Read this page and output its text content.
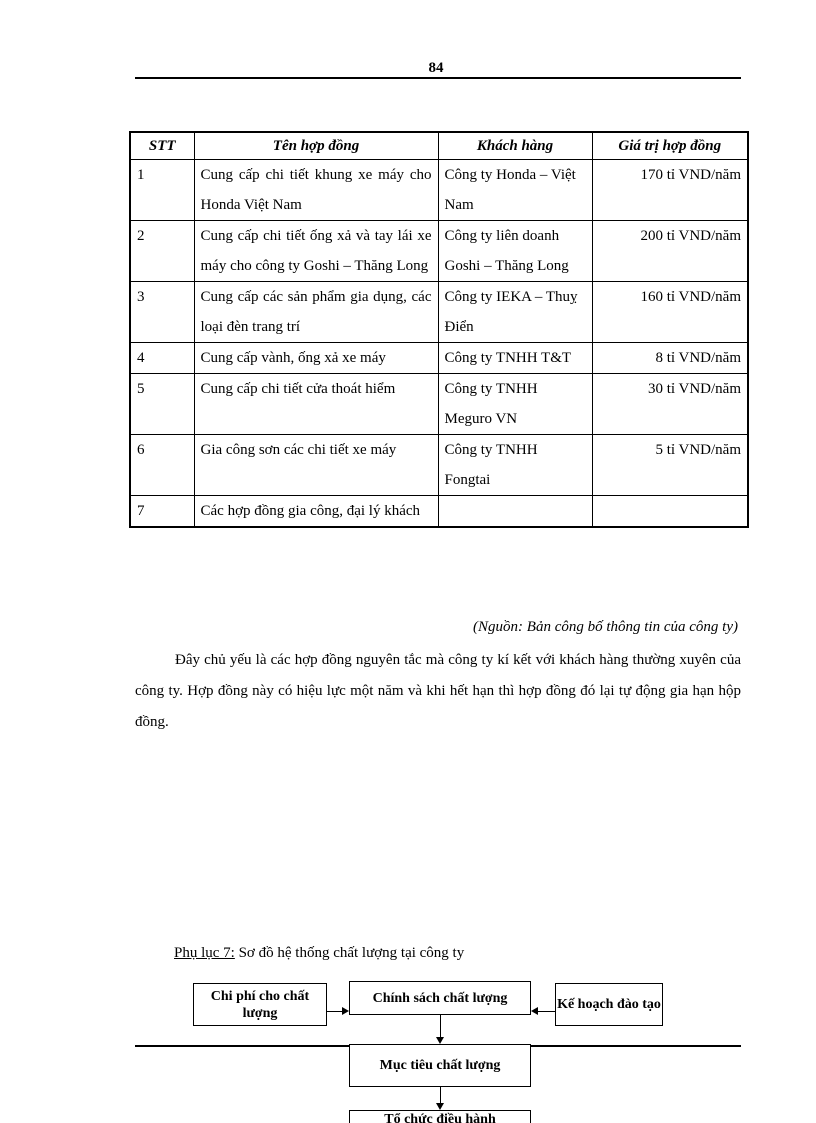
84
STT	Tên hợp đồng	Khách hàng	Giá trị hợp đồng
1	Cung cấp chi tiết khung xe máy cho Honda Việt Nam	Công ty Honda – Việt Nam	170 tỉ VND/năm
2	Cung cấp chi tiết ống xả và tay lái xe máy cho công ty Goshi – Thăng Long	Công ty liên doanh Goshi – Thăng Long	200 tỉ VND/năm
3	Cung cấp các sản phẩm gia dụng, các loại đèn trang trí	Công ty IEKA – Thuỵ Điển	160 tỉ VND/năm
4	Cung cấp vành, ống xả xe máy	Công ty TNHH T&T	8 tỉ VND/năm
5	Cung cấp chi tiết cửa thoát hiểm	Công ty TNHH Meguro VN	30 tỉ VND/năm
6	Gia công sơn các chi tiết xe máy	Công ty TNHH Fongtai	5 tỉ VND/năm
7	Các hợp đồng gia công, đại lý khách		
(Nguồn: Bản công bố thông tin của công ty)

Đây chủ yếu là các hợp đồng nguyên tắc mà công ty kí kết với khách hàng thường xuyên của công ty. Hợp đồng này có hiệu lực một năm và khi hết hạn thì hợp đồng đó lại tự động gia hạn hộp đồng.

Phụ lục 7: Sơ đồ hệ thống chất lượng tại công ty
Chi phí cho chất lượng
Chính sách chất lượng	Kế hoạch đào tạo
Mục tiêu chất lượng
Tổ chức điều hành
